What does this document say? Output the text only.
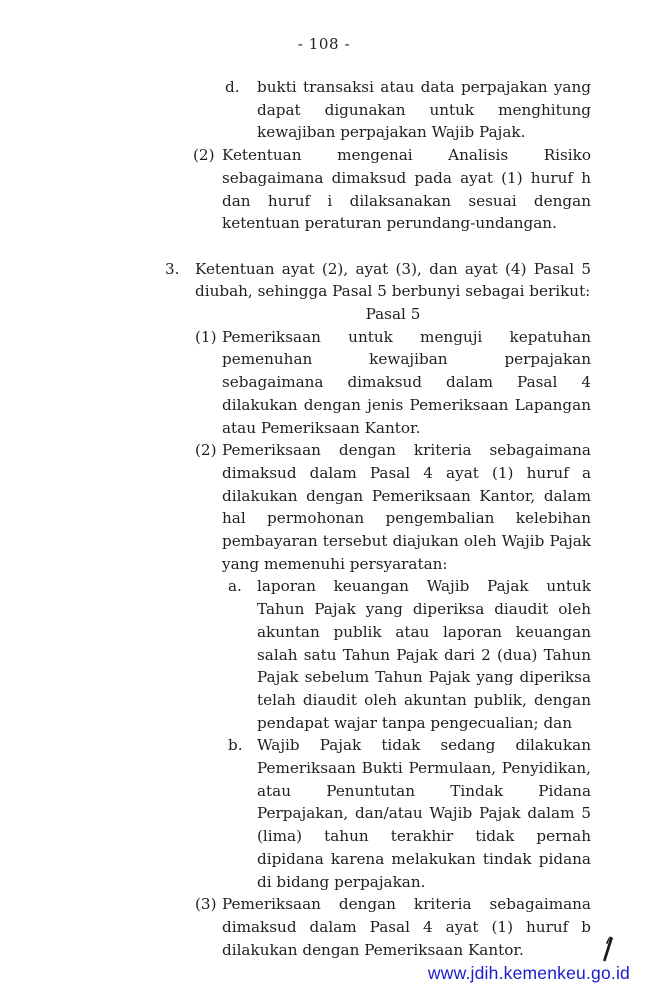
- 108 -
d.	bukti transaksi atau data perpajakan yang dapat digunakan untuk menghitung kewajiban perpajakan Wajib Pajak.
(2) Ketentuan mengenai Analisis Risiko sebagaimana dimaksud pada ayat (1) huruf h dan huruf i dilaksanakan sesuai dengan ketentuan peraturan perundang-undangan.
3.	Ketentuan ayat (2), ayat (3), dan ayat (4) Pasal 5 diubah, sehingga Pasal 5 berbunyi sebagai berikut:
Pasal 5
(1) Pemeriksaan untuk menguji kepatuhan pemenuhan kewajiban perpajakan sebagaimana dimaksud dalam Pasal 4 dilakukan dengan jenis Pemeriksaan Lapangan atau Pemeriksaan Kantor.
(2) Pemeriksaan dengan kriteria sebagaimana dimaksud dalam Pasal 4 ayat (1) huruf a dilakukan dengan Pemeriksaan Kantor, dalam hal permohonan pengembalian kelebihan pembayaran tersebut diajukan oleh Wajib Pajak yang memenuhi persyaratan:
a. laporan keuangan Wajib Pajak untuk Tahun Pajak yang diperiksa diaudit oleh akuntan publik atau laporan keuangan salah satu Tahun Pajak dari 2 (dua) Tahun Pajak sebelum Tahun Pajak yang diperiksa telah diaudit oleh akuntan publik, dengan pendapat wajar tanpa pengecualian; dan
b. Wajib Pajak tidak sedang dilakukan Pemeriksaan Bukti Permulaan, Penyidikan, atau Penuntutan Tindak Pidana Perpajakan, dan/atau Wajib Pajak dalam 5 (lima) tahun terakhir tidak pernah dipidana karena melakukan tindak pidana di bidang perpajakan.
(3) Pemeriksaan dengan kriteria sebagaimana dimaksud dalam Pasal 4 ayat (1) huruf b dilakukan dengan Pemeriksaan Kantor.
www.jdih.kemenkeu.go.id
